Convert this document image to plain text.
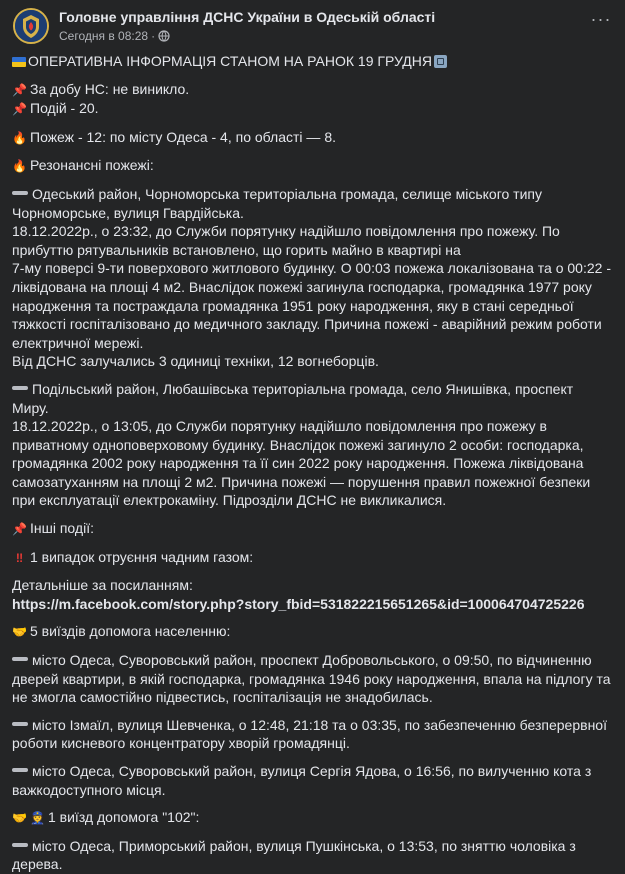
Головне управління ДСНС України в Одеській області
Сегодня в 08:28 ·
···

ОПЕРАТИВНА ІНФОРМАЦІЯ СТАНОМ НА РАНОК 19 ГРУДНЯ

📌 За добу НС: не виникло.
📌 Подій - 20.

🔥 Пожеж - 12: по місту Одеса - 4, по області — 8.

🔥 Резонансні пожежі:

Одеський район, Чорноморська територіальна громада, селище міського типу
Чорноморське, вулиця Гвардійська.
18.12.2022р., о 23:32, до Служби порятунку надійшло повідомлення про пожежу. По
прибуттю рятувальників встановлено, що горить майно в квартирі на
7-му поверсі 9-ти поверхового житлового будинку. О 00:03 пожежа локалізована та о 00:22 -
ліквідована на площі 4 м2. Внаслідок пожежі загинула господарка, громадянка 1977 року
народження та постраждала громадянка 1951 року народження, яку в стані середньої
тяжкості госпіталізовано до медичного закладу. Причина пожежі - аварійний режим роботи
електричної мережі.
Від ДСНС залучались 3 одиниці техніки, 12 вогнеборців.

Подільський район, Любашівська територіальна громада, село Янишівка, проспект Миру.
18.12.2022р., о 13:05, до Служби порятунку надійшло повідомлення про пожежу в
приватному одноповерховому будинку. Внаслідок пожежі загинуло 2 особи: господарка,
громадянка 2002 року народження та її син 2022 року народження. Пожежа ліквідована
самозатуханням на площі 2 м2. Причина пожежі — порушення правил пожежної безпеки
при експлуатації електрокаміну. Підрозділи ДСНС не викликалися.

📌 Інші події:

‼ 1 випадок отруєння чадним газом:

Детальніше за посиланням:
https://m.facebook.com/story.php?story_fbid=531822215651265&id=100064704725226

🤝 5 виїздів допомога населенню:

місто Одеса, Суворовський район, проспект Добровольського, о 09:50, по відчиненню
дверей квартири, в якій господарка, громадянка 1946 року народження, впала на підлогу та
не змогла самостійно підвестись, госпіталізація не знадобилась.

місто Ізмаїл, вулиця Шевченка, о 12:48, 21:18 та о 03:35, по забезпеченню безперервної
роботи кисневого концентратору хворій громадянці.

місто Одеса, Суворовський район, вулиця Сергія Ядова, о 16:56, по вилученню кота з
важкодоступного місця.

🤝 👮 1 виїзд допомога "102":

місто Одеса, Приморський район, вулиця Пушкінська, о 13:53, по зняттю чоловіка з
дерева.
